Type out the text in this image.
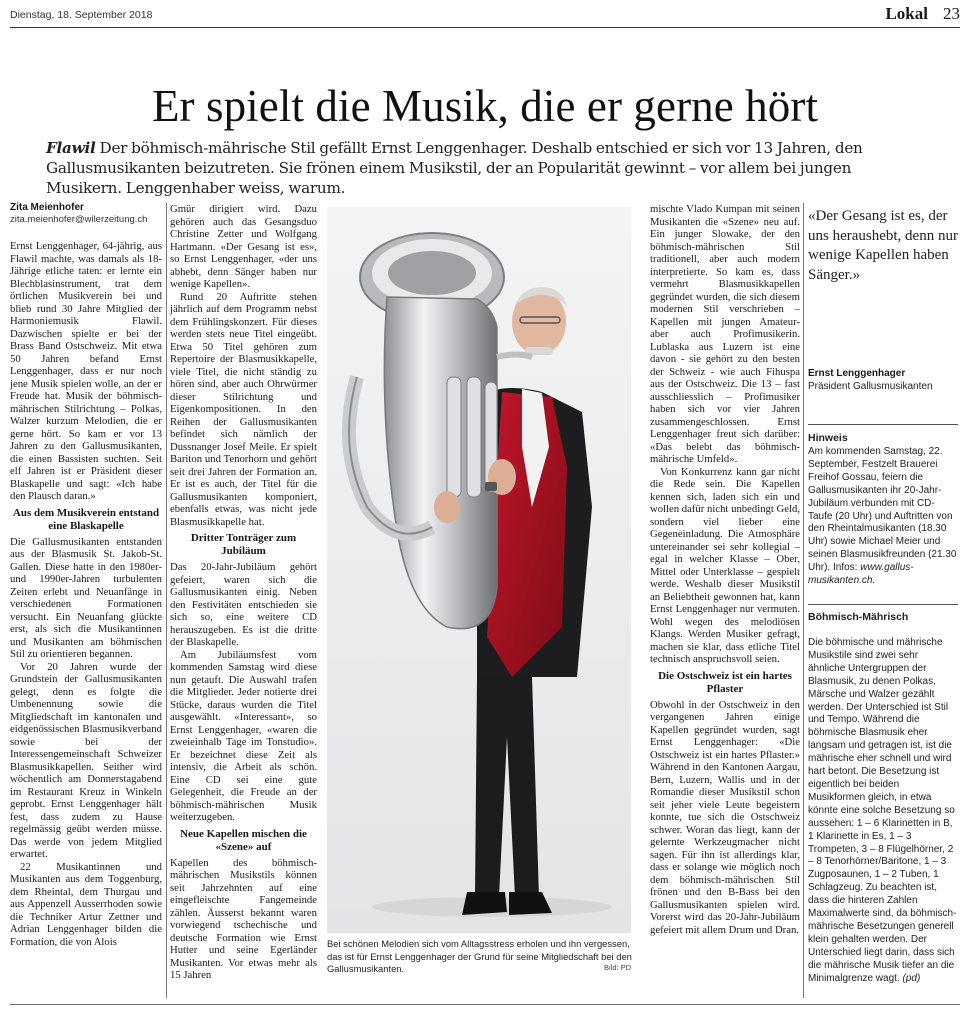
Dienstag, 18. September 2018	Lokal 23
Er spielt die Musik, die er gerne hört

Flawil Der böhmisch-mährische Stil gefällt Ernst Lenggenhager. Deshalb entschied er sich vor 13 Jahren, den Gallusmusikanten beizutreten. Sie frönen einem Musikstil, der an Popularität gewinnt – vor allem bei jungen Musikern. Lenggenhaber weiss, warum.

Zita Meienhofer
zita.meienhofer@wilerzeitung.ch

Ernst Lenggenhager, 64-jährig, aus Flawil machte, was damals als 18-Jährige etliche taten: er lernte ein Blechblasinstrument, trat dem örtlichen Musikverein bei und blieb rund 30 Jahre Mitglied der Harmoniemusik Flawil. Dazwischen spielte er bei der Brass Band Ostschweiz. Mit etwa 50 Jahren befand Ernst Lenggenhager, dass er nur noch jene Musik spielen wolle, an der er Freude hat. Musik der böhmisch-mährischen Stilrichtung – Polkas, Walzer kurzum Melodien, die er gerne hört. So kam er vor 13 Jahren zu den Gallusmusikanten, die einen Bassisten suchten. Seit elf Jahren ist er Präsident dieser Blaskapelle und sagt: «Ich habe den Plausch daran.»

Aus dem Musikverein entstand eine Blaskapelle

Die Gallusmusikanten entstanden aus der Blasmusik St. Jakob-St. Gallen. Diese hatte in den 1980er- und 1990er-Jahren turbulenten Zeiten erlebt und Neuanfänge in verschiedenen Formationen versucht. Ein Neuanfang glückte erst, als sich die Musikantinnen und Musikanten am böhmischen Stil zu orientieren begannen.

Vor 20 Jahren wurde der Grundstein der Gallusmusikanten gelegt, denn es folgte die Umbenennung sowie die Mitgliedschaft im kantonalen und eidgenössischen Blasmusikverband sowie bei der Interessengemeinschaft Schweizer Blasmusikkapellen. Seither wird wöchentlich am Donnerstagabend im Restaurant Kreuz in Winkeln geprobt. Ernst Lenggenhager hält fest, dass zudem zu Hause regelmässig geübt werden müsse. Das werde von jedem Mitglied erwartet.

22 Musikantinnen und Musikanten aus dem Toggenburg, dem Rheintal, dem Thurgau und aus Appenzell Ausserrhoden sowie die Techniker Artur Zettner und Adrian Lenggenhager bilden die Formation, die von Alois

Gmür dirigiert wird. Dazu gehören auch das Gesangsduo Christine Zetter und Wolfgang Hartmann. «Der Gesang ist es», so Ernst Lenggenhager, «der uns abhebt, denn Sänger haben nur wenige Kapellen».

Rund 20 Auftritte stehen jährlich auf dem Programm nebst dem Frühlingskonzert. Für dieses werden stets neue Titel eingeübt. Etwa 50 Titel gehören zum Repertoire der Blasmusikkapelle, viele Titel, die nicht ständig zu hören sind, aber auch Ohrwürmer dieser Stilrichtung und Eigenkompositionen. In den Reihen der Gallusmusikanten befindet sich nämlich der Dussnanger Josef Meile. Er spielt Bariton und Tenorhorn und gehört seit drei Jahren der Formation an. Er ist es auch, der Titel für die Gallusmusikanten komponiert, ebenfalls etwas, was nicht jede Blasmusikkapelle hat.

Dritter Tonträger zum Jubiläum

Das 20-Jahr-Jubiläum gehört gefeiert, waren sich die Gallusmusikanten einig. Neben den Festivitäten entschieden sie sich so, eine weitere CD herauszugeben. Es ist die dritte der Blaskapelle.

Am Jubiläumsfest vom kommenden Samstag wird diese nun getauft. Die Auswahl trafen die Mitglieder. Jeder notierte drei Stücke, daraus wurden die Titel ausgewählt. «Interessant», so Ernst Lenggenhager, «waren die zweieinhalb Tage im Tonstudio». Er bezeichnet diese Zeit als intensiv, die Arbeit als schön. Eine CD sei eine gute Gelegenheit, die Freude an der böhmisch-mährischen Musik weiterzugeben.

Neue Kapellen mischen die «Szene» auf

Kapellen des böhmisch-mährischen Musikstils können seit Jahrzehnten auf eine eingefleischte Fangemeinde zählen. Äusserst bekannt waren vorwiegend tschechische und deutsche Formation wie Ernst Hutter und seine Egerländer Musikanten. Vor etwas mehr als 15 Jahren

Bei schönen Melodien sich vom Alltagsstress erholen und ihn vergessen, das ist für Ernst Lenggenhager der Grund für seine Mitgliedschaft bei den Gallusmusikanten.	Bild: PD

mischte Vlado Kumpan mit seinen Musikanten die «Szene» neu auf. Ein junger Slowake, der den böhmisch-mährischen Stil traditionell, aber auch modern interpretierte. So kam es, dass vermehrt Blasmusikkapellen gegründet wurden, die sich diesem modernen Stil verschrieben – Kapellen mit jungen Amateur- aber auch Profimusikerin. Lublaska aus Luzern ist eine davon - sie gehört zu den besten der Schweiz - wie auch Fihuspa aus der Ostschweiz. Die 13 – fast ausschliesslich – Profimusiker haben sich vor vier Jahren zusammengeschlossen. Ernst Lenggenhager freut sich darüber: «Das belebt das böhmisch-mährische Umfeld».

Von Konkurrenz kann gar nicht die Rede sein. Die Kapellen kennen sich, laden sich ein und wollen dafür nicht unbedingt Geld, sondern viel lieber eine Gegeneinladung. Die Atmosphäre untereinander sei sehr kollegial – egal in welcher Klasse – Ober, Mittel oder Unterklasse – gespielt werde. Weshalb dieser Musikstil an Beliebtheit gewonnen hat, kann Ernst Lenggenhager nur vermuten. Wohl wegen des melodiösen Klangs. Werden Musiker gefragt, machen sie klar, dass etliche Titel technisch anspruchsvoll seien.

Die Ostschweiz ist ein hartes Pflaster

Obwohl in der Ostschweiz in den vergangenen Jahren einige Kapellen gegründet wurden, sagt Ernst Lenggenhager: «Die Ostschweiz ist ein hartes Pflaster.» Während in den Kantonen Aargau, Bern, Luzern, Wallis und in der Romandie dieser Musikstil schon seit jeher viele Leute begeistern konnte, tue sich die Ostschweiz schwer. Woran das liegt, kann der gelernte Werkzeugmacher nicht sagen. Für ihn ist allerdings klar, dass er solange wie möglich noch dem böhmisch-mährischen Stil frönen und den B-Bass bei den Gallusmusikanten spielen wird. Vorerst wird das 20-Jahr-Jubiläum gefeiert mit allem Drum und Dran.

«Der Gesang ist es, der uns heraushebt, denn nur wenige Kapellen haben Sänger.»
Ernst Lenggenhager
Präsident Gallusmusikanten
Hinweis
Am kommenden Samstag, 22. September, Festzelt Brauerei Freihof Gossau, feiern die Gallusmusikanten ihr 20-Jahr-Jubiläum verbunden mit CD-Taufe (20 Uhr) und Auftritten von den Rheintalmusikanten (18.30 Uhr) sowie Michael Meier und seinen Blasmusikfreunden (21.30 Uhr). Infos: www.gallus-musikanten.ch.
Böhmisch-Mährisch
Die böhmische und mährische Musikstile sind zwei sehr ähnliche Untergruppen der Blasmusik, zu denen Polkas, Märsche und Walzer gezählt werden. Der Unterschied ist Stil und Tempo. Während die böhmische Blasmusik eher langsam und getragen ist, ist die mährische eher schnell und wird hart betont. Die Besetzung ist eigentlich bei beiden Musikformen gleich, in etwa könnte eine solche Besetzung so aussehen: 1 – 6 Klarinetten in B, 1 Klarinette in Es, 1 – 3 Trompeten, 3 – 8 Flügelhörner, 2 – 8 Tenorhörner/Baritone, 1 – 3 Zugposaunen, 1 – 2 Tuben, 1 Schlagzeug. Zu beachten ist, dass die hinteren Zahlen Maximalwerte sind, da böhmisch-mährische Besetzungen generell klein gehalten werden. Der Unterschied liegt darin, dass sich die mährische Musik tiefer an die Minimalgrenze wagt. (pd)
